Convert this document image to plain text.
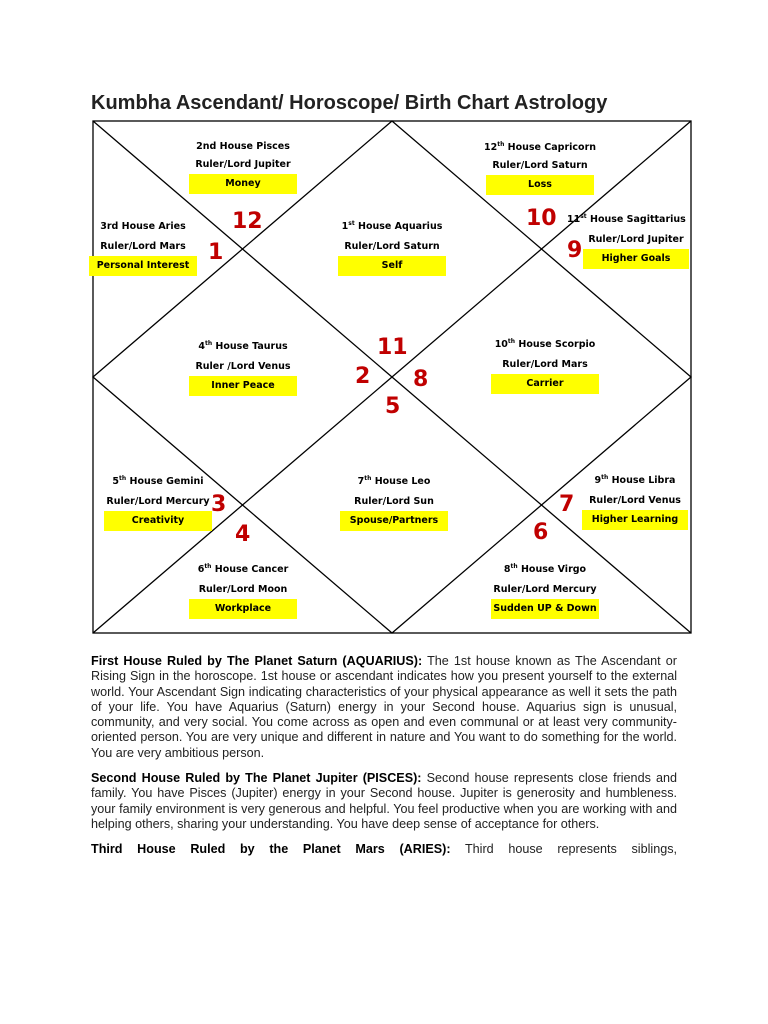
Kumbha Ascendant/ Horoscope/ Birth Chart Astrology
2nd House Pisces
Ruler/Lord Jupiter
Money
12th House Capricorn
Ruler/Lord Saturn
Loss
3rd House Aries
Ruler/Lord Mars
Personal Interest
1st House Aquarius
Ruler/Lord Saturn
Self
11st House Sagittarius
Ruler/Lord Jupiter
Higher Goals
4th House Taurus
Ruler /Lord Venus
Inner Peace
10th House Scorpio
Ruler/Lord Mars
Carrier
5th House Gemini
Ruler/Lord Mercury
Creativity
7th House Leo
Ruler/Lord Sun
Spouse/Partners
9th House Libra
Ruler/Lord Venus
Higher Learning
6th House Cancer
Ruler/Lord Moon
Workplace
8th House Virgo
Ruler/Lord Mercury
Sudden UP & Down
12	10
1	9
11
2 8
5
3	7
4	6

First House Ruled by The Planet Saturn (AQUARIUS): The 1st house known as The Ascendant or Rising Sign in the horoscope. 1st house or ascendant indicates how you present yourself to the external world. Your Ascendant Sign indicating characteristics of your physical appearance as well it sets the path of your life. You have Aquarius (Saturn) energy in your Second house. Aquarius sign is unusual, community, and very social. You come across as open and even communal or at least very community-oriented person. You are very unique and different in nature and You want to do something for the world. You are very ambitious person.

Second House Ruled by The Planet Jupiter (PISCES): Second house represents close friends and family. You have Pisces (Jupiter) energy in your Second house. Jupiter is generosity and humbleness. your family environment is very generous and helpful. You feel productive when you are working with and helping others, sharing your understanding. You have deep sense of acceptance for others.

Third House Ruled by the Planet Mars (ARIES): Third house represents siblings,
